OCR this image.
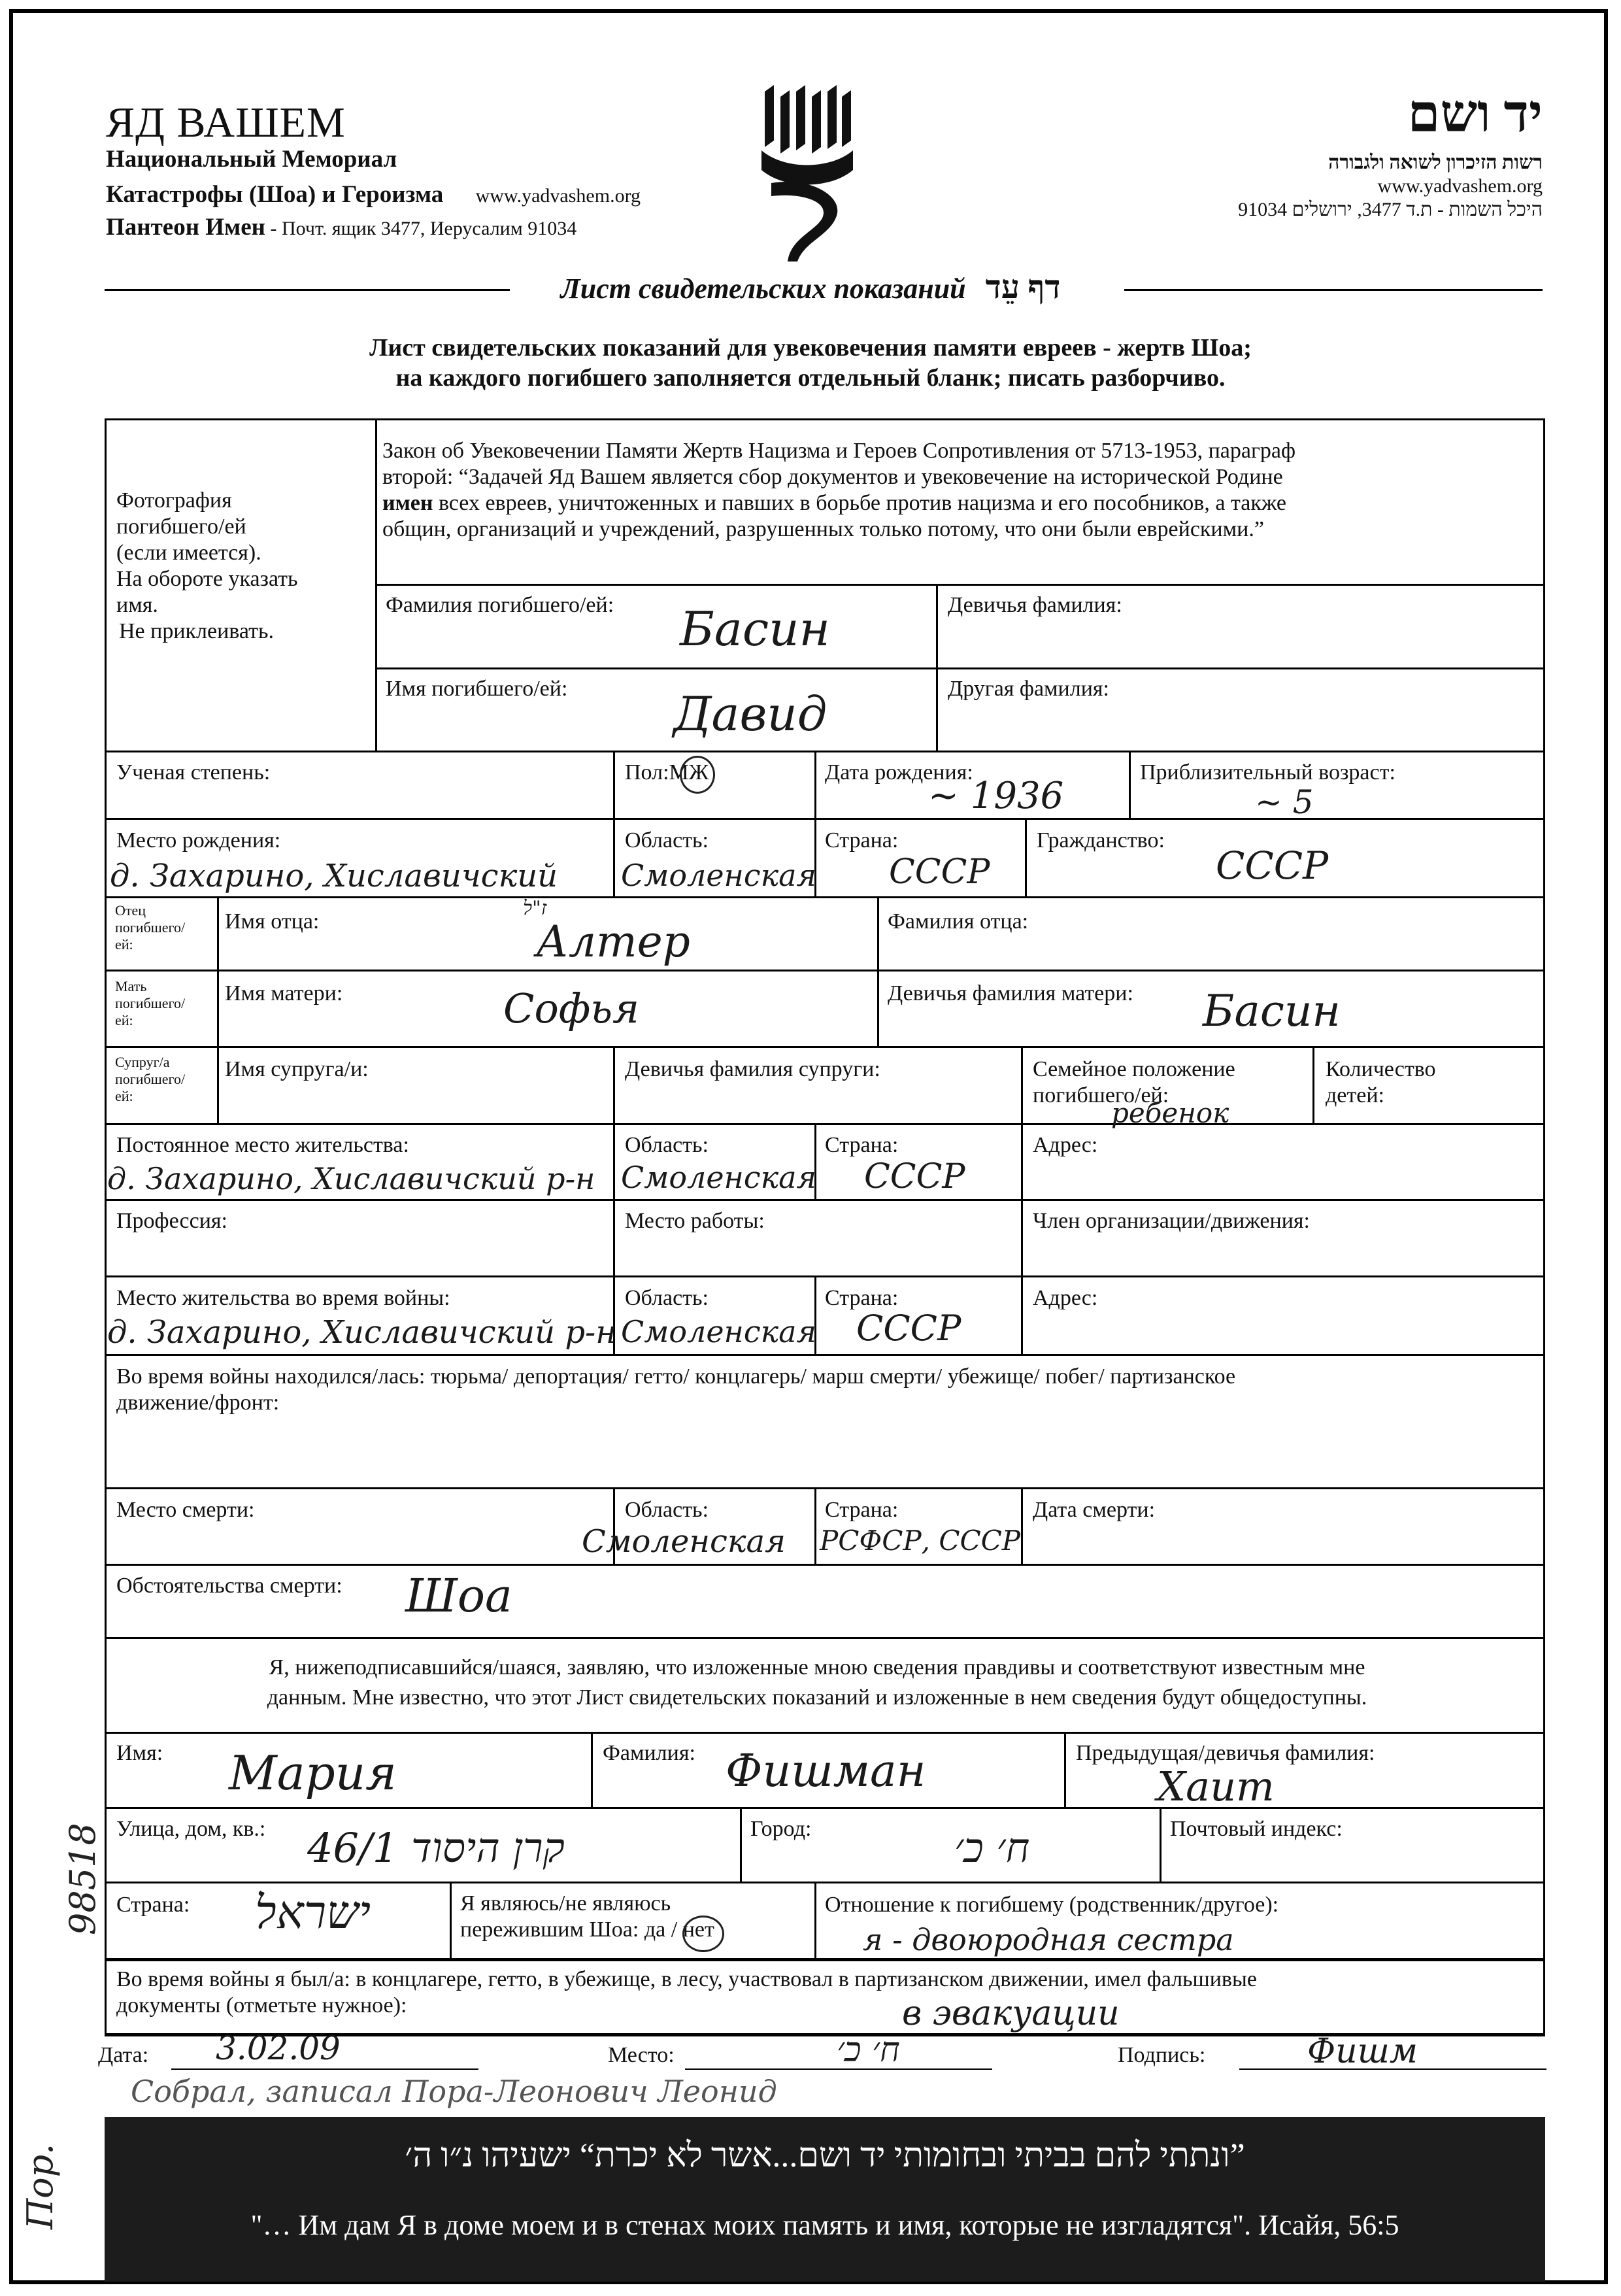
ЯД ВАШЕМ
Национальный Мемориал
Катастрофы (Шоа) и Героизма www.yadvashem.org
Пантеон Имен - Почт. ящик 3477, Иерусалим 91034
יד ושם
רשות הזיכרון לשואה ולגבורה
www.yadvashem.org
היכל השמות - ת.ד 3477, ירושלים 91034
Лист свидетельских показаний דף עֵד
Лист свидетельских показаний для увековечения памяти евреев - жертв Шоа;
на каждого погибшего заполняется отдельный бланк; писать разборчиво.
Фотография
погибшего/ей
(если имеется).
На обороте указать
имя.
Не приклеивать.
Закон об Увековечении Памяти Жертв Нацизма и Героев Сопротивления от 5713-1953, параграф
второй: “Задачей Яд Вашем является сбор документов и увековечение на исторической Родине
имен всех евреев, уничтоженных и павших в борьбе против нацизма и его пособников, а также
общин, организаций и учреждений, разрушенных только потому, что они были еврейскими.”
Фамилия погибшего/ей: Басин	Девичья фамилия:
Имя погибшего/ей: Давид	Другая фамилия:
Ученая степень:	Пол:МЖ	Дата рождения:
~ 1936
Приблизительный возраст:
~ 5
Место рождения:
д. Захарино, Хиславичский
Область:
Смоленская
Страна:
СССР
Гражданство:
СССР
Отец
погибшего/
ей:
Имя отца:
ז"ל
Алтер	Фамилия отца:
Мать
погибшего/
ей:
Имя матери:	Софья	Девичья фамилия матери: Басин
Супруг/а
погибшего/
ей:
Имя супруга/и:	Девичья фамилия супруги:	Семейное положение
погибшего/ей:
ребенок
Количество
детей:
Постоянное место жительства:
д. Захарино, Хиславичский р-н
Область:
Смоленская
Страна:
СССР
Адрес:
Профессия:	Место работы:	Член организации/движения:
Место жительства во время войны:
д. Захарино, Хиславичский р-н
Область:
Смоленская
Страна:
СССР
Адрес:
Во время войны находился/лась: тюрьма/ депортация/ гетто/ концлагерь/ марш смерти/ убежище/ побег/ партизанское
движение/фронт:
Место смерти:	Область:
Смоленская
Страна:
РСФСР, СССР
Дата смерти:
Обстоятельства смерти: Шоа
Я, нижеподписавшийся/шаяся, заявляю, что изложенные мною сведения правдивы и соответствуют известным мне
данным. Мне известно, что этот Лист свидетельских показаний и изложенные в нем сведения будут общедоступны.
Имя: Мария	Фамилия: Фишман	Предыдущая/девичья фамилия:
Хаит
Улица, дом, кв.: 46/1 קרן היסוד	Город:	ח׳ כ׳	Почтовый индекс:
Страна: ישראל	Я являюсь/не являюсь
пережившим Шоа: да / нет
Отношение к погибшему (родственник/другое):
я - двоюродная сестра
Во время войны я был/а: в концлагере, гетто, в убежище, в лесу, участвовал в партизанском движении, имел фальшивые
документы (отметьте нужное):	в эвакуации
Дата: 3.02.09	Место:	ח׳ כ׳	Подпись:	Фишм
Собрал, записал Пора-Леонович Леонид
98518
Пор.	”ונתתי להם בביתי ובחומותי יד ושם...אשר לא יכרת“ ישעיהו נ״ו ה׳
"… Им дам Я в доме моем и в стенах моих память и имя, которые не изгладятся". Исайя, 56:5
